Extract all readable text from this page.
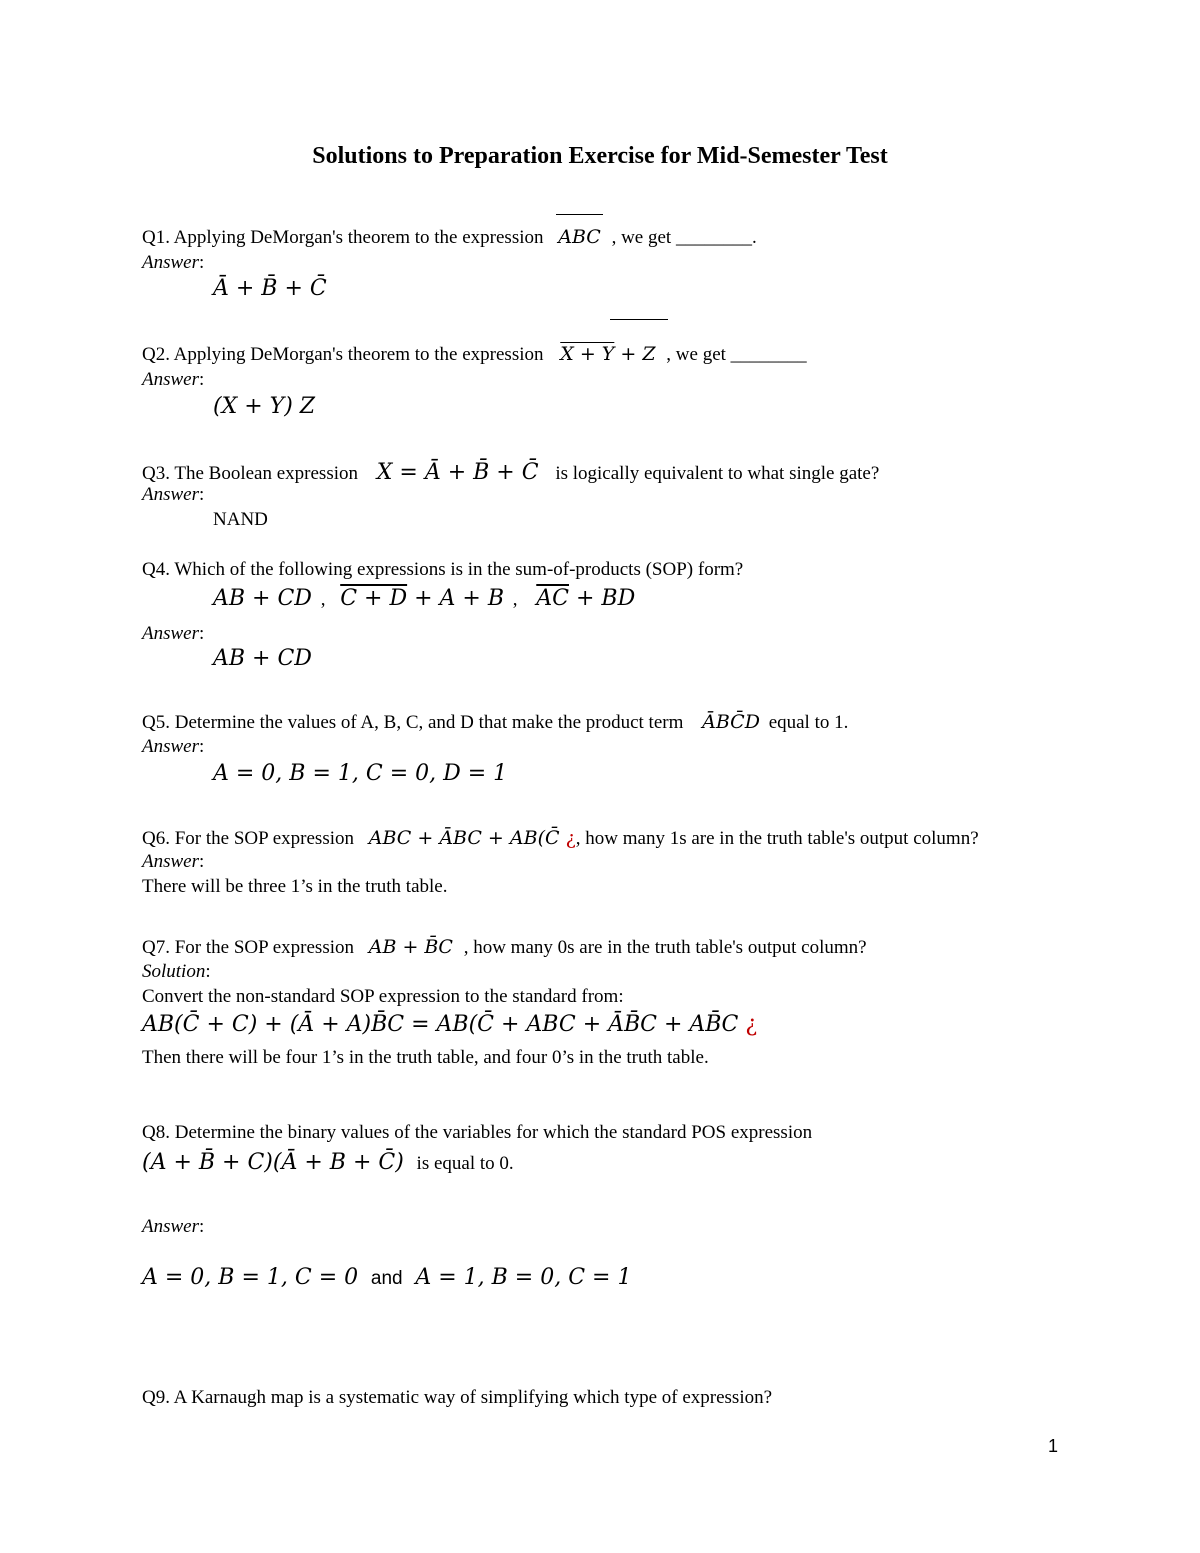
Solutions to Preparation Exercise for Mid-Semester Test
Q1. Applying DeMorgan's theorem to the expression ABC , we get ________.
Answer:
Ā + B̄ + C̄
Q2. Applying DeMorgan's theorem to the expression X + Y + Z , we get ________
Answer:
(X + Y) Z
Q3. The Boolean expression X = Ā + B̄ + C̄ is logically equivalent to what single gate?
Answer:
NAND
Q4. Which of the following expressions is in the sum-of-products (SOP) form?
AB + CD , C + D + A + B , $\overline{AC}$ + BD
Answer:
AB + CD
Q5. Determine the values of A, B, C, and D that make the product term ĀBC̄D equal to 1.
Answer:
A = 0, B = 1, C = 0, D = 1
Q6. For the SOP expression ABC + ĀBC + AB(C̄ ¿, how many 1s are in the truth table's output column?
Answer:
There will be three 1’s in the truth table.
Q7. For the SOP expression AB + B̄C , how many 0s are in the truth table's output column?
Solution:
Convert the non-standard SOP expression to the standard from:
AB(C̄ + C) + (Ā + A)B̄C = AB(C̄ + ABC + ĀB̄C + AB̄C ¿
Then there will be four 1’s in the truth table, and four 0’s in the truth table.
Q8. Determine the binary values of the variables for which the standard POS expression
(A + B̄ + C)(Ā + B + C̄) is equal to 0.
Answer:
A = 0, B = 1, C = 0 and A = 1, B = 0, C = 1
Q9. A Karnaugh map is a systematic way of simplifying which type of expression?
1
